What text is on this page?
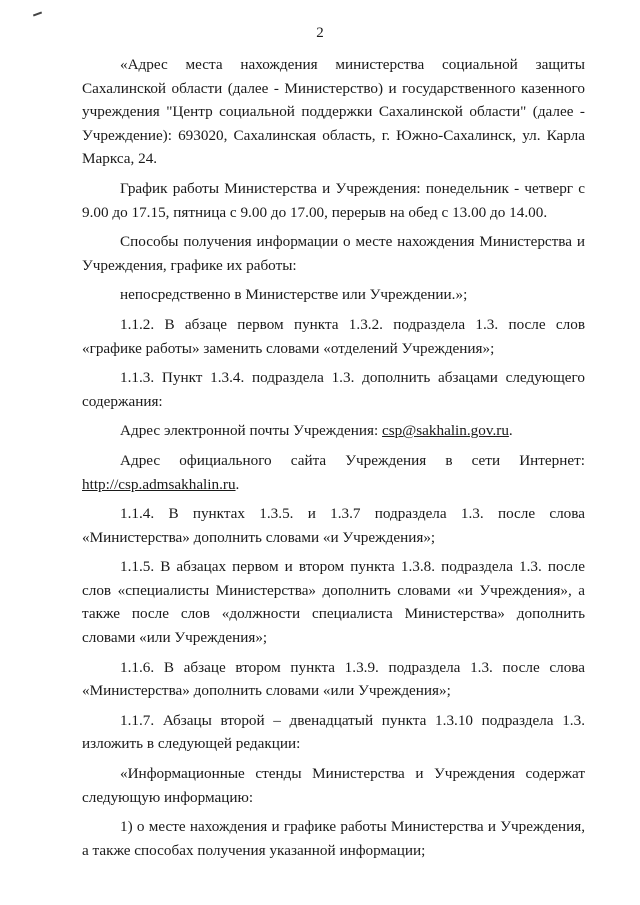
2

«Адрес места нахождения министерства социальной защиты Сахалинской области (далее - Министерство) и государственного казенного учреждения "Центр социальной поддержки Сахалинской области" (далее - Учреждение): 693020, Сахалинская область, г. Южно-Сахалинск, ул. Карла Маркса, 24.

График работы Министерства и Учреждения: понедельник - четверг с 9.00 до 17.15, пятница с 9.00 до 17.00, перерыв на обед с 13.00 до 14.00.

Способы получения информации о месте нахождения Министерства и Учреждения, графике их работы:

непосредственно в Министерстве или Учреждении.»;

1.1.2. В абзаце первом пункта 1.3.2. подраздела 1.3. после слов «графике работы» заменить словами «отделений Учреждения»;

1.1.3. Пункт 1.3.4. подраздела 1.3. дополнить абзацами следующего содержания:

Адрес электронной почты Учреждения: csp@sakhalin.gov.ru.

Адрес официального сайта Учреждения в сети Интернет:

http://csp.admsakhalin.ru.

1.1.4. В пунктах 1.3.5. и 1.3.7 подраздела 1.3. после слова «Министерства» дополнить словами «и Учреждения»;

1.1.5. В абзацах первом и втором пункта 1.3.8. подраздела 1.3. после слов «специалисты Министерства» дополнить словами «и Учреждения», а также после слов «должности специалиста Министерства» дополнить словами «или Учреждения»;

1.1.6. В абзаце втором пункта 1.3.9. подраздела 1.3. после слова «Министерства» дополнить словами «или Учреждения»;

1.1.7. Абзацы второй – двенадцатый пункта 1.3.10 подраздела 1.3. изложить в следующей редакции:

«Информационные стенды Министерства и Учреждения содержат следующую информацию:

1) о месте нахождения и графике работы Министерства и Учреждения, а также способах получения указанной информации;
